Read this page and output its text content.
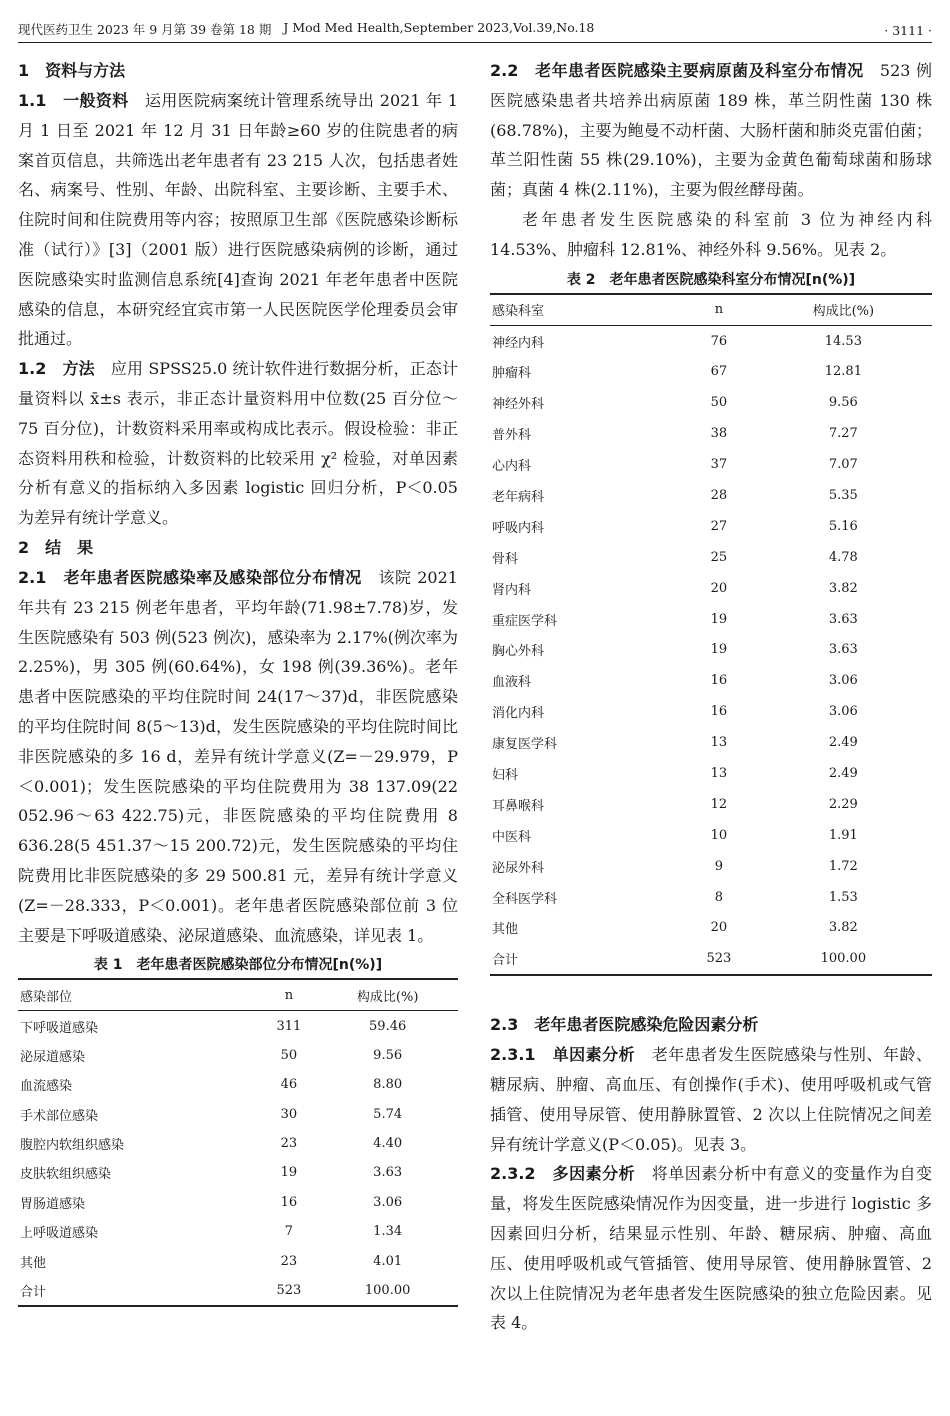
现代医药卫生 2023 年 9 月第 39 卷第 18 期 J Mod Med Health,September 2023,Vol.39,No.18	· 3111 ·

1　资料与方法

1.1　一般资料　 运用医院病案统计管理系统导出 2021 年 1 月 1 日至 2021 年 12 月 31 日年龄≥60 岁的住院患者的病案首页信息，共筛选出老年患者有 23 215 人次，包括患者姓名、病案号、性别、年龄、出院科室、主要诊断、主要手术、住院时间和住院费用等内容；按照原卫生部《医院感染诊断标准（试行）》[3]（2001 版）进行医院感染病例的诊断，通过医院感染实时监测信息系统[4]查询 2021 年老年患者中医院感染的信息，本研究经宜宾市第一人民医院医学伦理委员会审批通过。

1.2　方法　 应用 SPSS25.0 统计软件进行数据分析，正态计量资料以 x̄±s 表示，非正态计量资料用中位数(25 百分位～75 百分位)，计数资料采用率或构成比表示。假设检验：非正态资料用秩和检验，计数资料的比较采用 χ² 检验，对单因素分析有意义的指标纳入多因素 logistic 回归分析，P＜0.05 为差异有统计学意义。

2　结　果

2.1　老年患者医院感染率及感染部位分布情况　 该院 2021 年共有 23 215 例老年患者，平均年龄(71.98±7.78)岁，发生医院感染有 503 例(523 例次)，感染率为 2.17%(例次率为 2.25%)，男 305 例(60.64%)，女 198 例(39.36%)。老年患者中医院感染的平均住院时间 24(17～37)d，非医院感染的平均住院时间 8(5～13)d，发生医院感染的平均住院时间比非医院感染的多 16 d，差异有统计学意义(Z=－29.979，P＜0.001)；发生医院感染的平均住院费用为 38 137.09(22 052.96～63 422.75)元，非医院感染的平均住院费用 8 636.28(5 451.37～15 200.72)元，发生医院感染的平均住院费用比非医院感染的多 29 500.81 元，差异有统计学意义(Z=－28.333，P＜0.001)。老年患者医院感染部位前 3 位主要是下呼吸道感染、泌尿道感染、血流感染，详见表 1。

表 1　老年患者医院感染部位分布情况[n(%)]
感染部位	n	构成比(%)
下呼吸道感染	311	59.46
泌尿道感染	50	9.56
血流感染	46	8.80
手术部位感染	30	5.74
腹腔内软组织感染	23	4.40
皮肤软组织感染	19	3.63
胃肠道感染	16	3.06
上呼吸道感染	7	1.34
其他	23	4.01
合计	523	100.00

2.2　老年患者医院感染主要病原菌及科室分布情况　 523 例医院感染患者共培养出病原菌 189 株，革兰阴性菌 130 株(68.78%)，主要为鲍曼不动杆菌、大肠杆菌和肺炎克雷伯菌；革兰阳性菌 55 株(29.10%)，主要为金黄色葡萄球菌和肠球菌；真菌 4 株(2.11%)，主要为假丝酵母菌。

老年患者发生医院感染的科室前 3 位为神经内科 14.53%、肿瘤科 12.81%、神经外科 9.56%。见表 2。

表 2　老年患者医院感染科室分布情况[n(%)]
感染科室	n	构成比(%)
神经内科	76	14.53
肿瘤科	67	12.81
神经外科	50	9.56
普外科	38	7.27
心内科	37	7.07
老年病科	28	5.35
呼吸内科	27	5.16
骨科	25	4.78
肾内科	20	3.82
重症医学科	19	3.63
胸心外科	19	3.63
血液科	16	3.06
消化内科	16	3.06
康复医学科	13	2.49
妇科	13	2.49
耳鼻喉科	12	2.29
中医科	10	1.91
泌尿外科	9	1.72
全科医学科	8	1.53
其他	20	3.82
合计	523	100.00

2.3　老年患者医院感染危险因素分析

2.3.1　单因素分析　 老年患者发生医院感染与性别、年龄、糖尿病、肿瘤、高血压、有创操作(手术)、使用呼吸机或气管插管、使用导尿管、使用静脉置管、2 次以上住院情况之间差异有统计学意义(P＜0.05)。见表 3。

2.3.2　多因素分析　 将单因素分析中有意义的变量作为自变量，将发生医院感染情况作为因变量，进一步进行 logistic 多因素回归分析，结果显示性别、年龄、糖尿病、肿瘤、高血压、使用呼吸机或气管插管、使用导尿管、使用静脉置管、2 次以上住院情况为老年患者发生医院感染的独立危险因素。见表 4。
